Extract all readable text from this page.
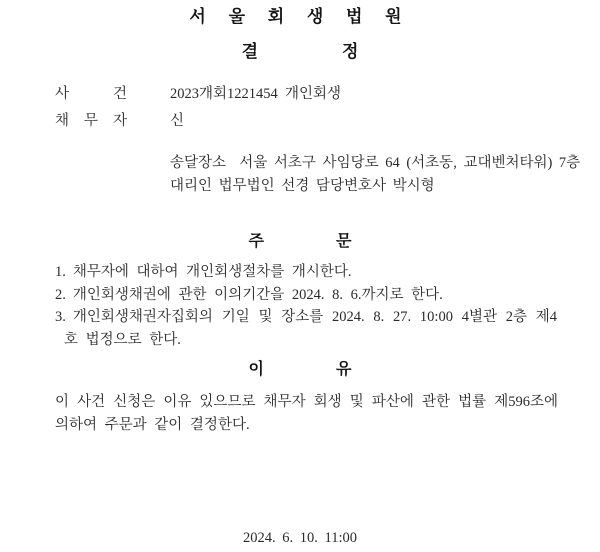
서 울 회 생 법 원
결	정
사	건	2023개회1221454  개인회생
채 무 자	신
송달장소  서울 서초구 사임당로 64 (서초동, 교대벤처타워) 7층
대리인 법무법인 선경 담당변호사 박시형
주	문
1. 채무자에 대하여 개인회생절차를 개시한다.
2. 개인회생채권에 관한 이의기간을 2024. 8. 6.까지로 한다.
3. 개인회생채권자집회의 기일 및 장소를 2024. 8. 27. 10:00 4별관 2층 제4호 법정으로 한다.
이	유
이 사건 신청은 이유 있으므로 채무자 회생 및 파산에 관한 법률 제596조에 의하여 주문과 같이 결정한다.
2024. 6. 10. 11:00
